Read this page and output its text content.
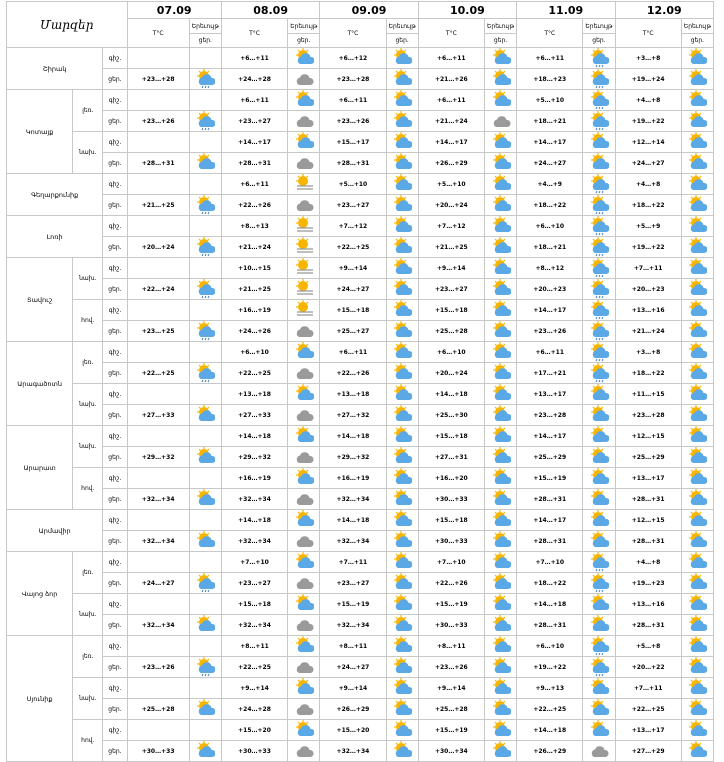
Մարզեր			07.09		08.09		09.09		10.09		11.09		12.09	
			T°C	Երեւույթ	T°C	Երեւույթ	T°C	Երեւույթ	T°C	Երեւույթ	T°C	Երեւույթ	T°C	Երեւույթ
				ցեր.		ցեր.		ցեր.		ցեր.		ցեր.		ցեր.
Շիրակ		գիշ.			+6…+11		+6…+12		+6…+11		+6…+11		+3…+8	

		ցեր.	+23…+28		+24…+28		+23…+28		+21…+26		+18…+23		+19…+24	

Կոտայք	լեռ.	գիշ.			+6…+11		+6…+11		+6…+11		+5…+10		+4…+8	

		ցեր.	+23…+26		+23…+27		+23…+26		+21…+24		+18…+21		+19…+22	

	նախ.	գիշ.			+14…+17		+15…+17		+14…+17		+14…+17		+12…+14	

		ցեր.	+28…+31		+28…+31		+28…+31		+26…+29		+24…+27		+24…+27	

Գեղարքունիք		գիշ.			+6…+11		+5…+10		+5…+10		+4…+9		+4…+8	

		ցեր.	+21…+25		+22…+26		+23…+27		+20…+24		+18…+22		+18…+22	

Լոռի		գիշ.			+8…+13		+7…+12		+7…+12		+6…+10		+5…+9	

		ցեր.	+20…+24		+21…+24		+22…+25		+21…+25		+18…+21		+19…+22	

Տավուշ	նախ.	գիշ.			+10…+15		+9…+14		+9…+14		+8…+12		+7…+11	

		ցեր.	+22…+24		+21…+25		+24…+27		+23…+27		+20…+23		+20…+23	

	հով.	գիշ.			+16…+19		+15…+18		+15…+18		+14…+17		+13…+16	

		ցեր.	+23…+25		+24…+26		+25…+27		+25…+28		+23…+26		+21…+24	

Արագածոտն	լեռ.	գիշ.			+6…+10		+6…+11		+6…+10		+6…+11		+3…+8	

		ցեր.	+22…+25		+22…+25		+22…+26		+20…+24		+17…+21		+18…+22	

	նախ.	գիշ.			+13…+18		+13…+18		+14…+18		+13…+17		+11…+15	

		ցեր.	+27…+33		+27…+33		+27…+32		+25…+30		+23…+28		+23…+28	

Արարատ	նախ.	գիշ.			+14…+18		+14…+18		+15…+18		+14…+17		+12…+15	

		ցեր.	+29…+32		+29…+32		+29…+32		+27…+31		+25…+29		+25…+29	

	հով.	գիշ.			+16…+19		+16…+19		+16…+20		+15…+19		+13…+17	

		ցեր.	+32…+34		+32…+34		+32…+34		+30…+33		+28…+31		+28…+31	

Արմավիր		գիշ.			+14…+18		+14…+18		+15…+18		+14…+17		+12…+15	

		ցեր.	+32…+34		+32…+34		+32…+34		+30…+33		+28…+31		+28…+31	

Վայոց ձոր	լեռ.	գիշ.			+7…+10		+7…+11		+7…+10		+7…+10		+4…+8	

		ցեր.	+24…+27		+23…+27		+23…+27		+22…+26		+18…+22		+19…+23	

	նախ.	գիշ.			+15…+18		+15…+19		+15…+19		+14…+18		+13…+16	

		ցեր.	+32…+34		+32…+34		+32…+34		+30…+33		+28…+31		+28…+31	

Սյունիք	լեռ.	գիշ.			+8…+11		+8…+11		+8…+11		+6…+10		+5…+8	

		ցեր.	+23…+26		+22…+25		+24…+27		+23…+26		+19…+22		+20…+22	

	նախ.	գիշ.			+9…+14		+9…+14		+9…+14		+9…+13		+7…+11	

		ցեր.	+25…+28		+24…+28		+26…+29		+25…+28		+22…+25		+22…+25	

	հով.	գիշ.			+15…+20		+15…+20		+15…+19		+14…+18		+13…+17	

		ցեր.	+30…+33		+30…+33		+32…+34		+30…+34		+26…+29		+27…+29	
